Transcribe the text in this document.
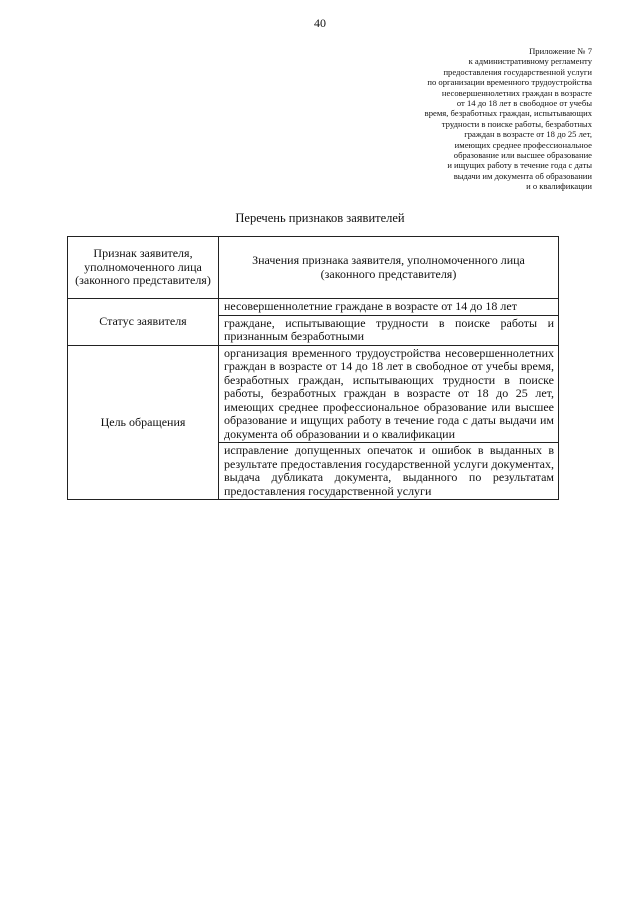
40
Приложение № 7
к административному регламенту
предоставления государственной услуги
по организации временного трудоустройства
несовершеннолетних граждан в возрасте
от 14 до 18 лет в свободное от учебы
время, безработных граждан, испытывающих
трудности в поиске работы, безработных
граждан в возрасте от 18 до 25 лет,
имеющих среднее профессиональное
образование или высшее образование
и ищущих работу в течение года с даты
выдачи им документа об образовании
и о квалификации
Перечень признаков заявителей
Признак заявителя, уполномоченного лица (законного представителя)	Значения признака заявителя, уполномоченного лица (законного представителя)
Статус заявителя	несовершеннолетние граждане в возрасте от 14 до 18 лет
	граждане, испытывающие трудности в поиске работы и признанным безработными
Цель обращения	организация временного трудоустройства несовершеннолетних граждан в возрасте от 14 до 18 лет в свободное от учебы время, безработных граждан, испытывающих трудности в поиске работы, безработных граждан в возрасте от 18 до 25 лет, имеющих среднее профессиональное образование или высшее образование и ищущих работу в течение года с даты выдачи им документа об образовании и о квалификации
	исправление допущенных опечаток и ошибок в выданных в результате предоставления государственной услуги документах, выдача дубликата документа, выданного по результатам предоставления государственной услуги
